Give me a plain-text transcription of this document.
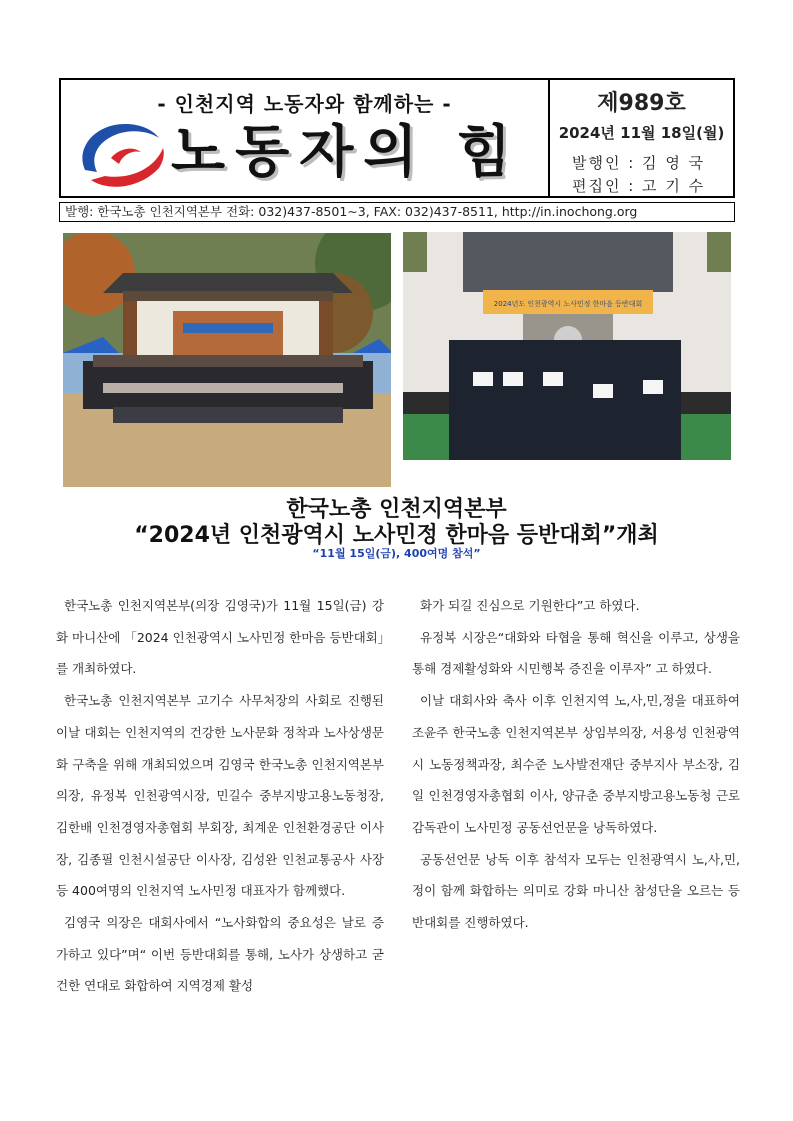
- 인천지역 노동자와 함께하는 -
노동자의 힘
제989호
2024년 11월 18일(월)
발행인 : 김 영 국
편집인 : 고 기 수
발행: 한국노총 인천지역본부 전화: 032)437-8501∼3, FAX: 032)437-8511, http://in.inochong.org
2024년도 인천광역시 노사민정 한마음 등반대회
한국노총 인천지역본부
“2024년 인천광역시 노사민정 한마음 등반대회”개최
“11월 15일(금), 400여명 참석”

한국노총 인천지역본부(의장 김영국)가 11월 15일(금) 강화 마니산에 「2024 인천광역시 노사민정 한마음 등반대회」를 개최하였다.

한국노총 인천지역본부 고기수 사무처장의 사회로 진행된 이날 대회는 인천지역의 건강한 노사문화 정착과 노사상생문화 구축을 위해 개최되었으며 김영국 한국노총 인천지역본부 의장, 유정복 인천광역시장, 민길수 중부지방고용노동청장, 김한배 인천경영자총협회 부회장, 최계운 인천환경공단 이사장, 김종필 인천시설공단 이사장, 김성완 인천교통공사 사장 등 400여명의 인천지역 노사민정 대표자가 함께했다.

김영국 의장은 대회사에서 “노사화합의 중요성은 날로 증가하고 있다”며“ 이번 등반대회를 통해, 노사가 상생하고 굳건한 연대로 화합하여 지역경제 활성

화가 되길 진심으로 기원한다”고 하였다.

유정복 시장은“대화와 타협을 통해 혁신을 이루고, 상생을 통해 경제활성화와 시민행복 증진을 이루자” 고 하였다.

이날 대회사와 축사 이후 인천지역 노,사,민,정을 대표하여 조윤주 한국노총 인천지역본부 상임부의장, 서용성 인천광역시 노동정책과장, 최수준 노사발전재단 중부지사 부소장, 김일 인천경영자총협회 이사, 양규춘 중부지방고용노동청 근로감독관이 노사민정 공동선언문을 낭독하였다.

공동선언문 낭독 이후 참석자 모두는 인천광역시 노,사,민,정이 함께 화합하는 의미로 강화 마니산 참성단을 오르는 등반대회를 진행하였다.
